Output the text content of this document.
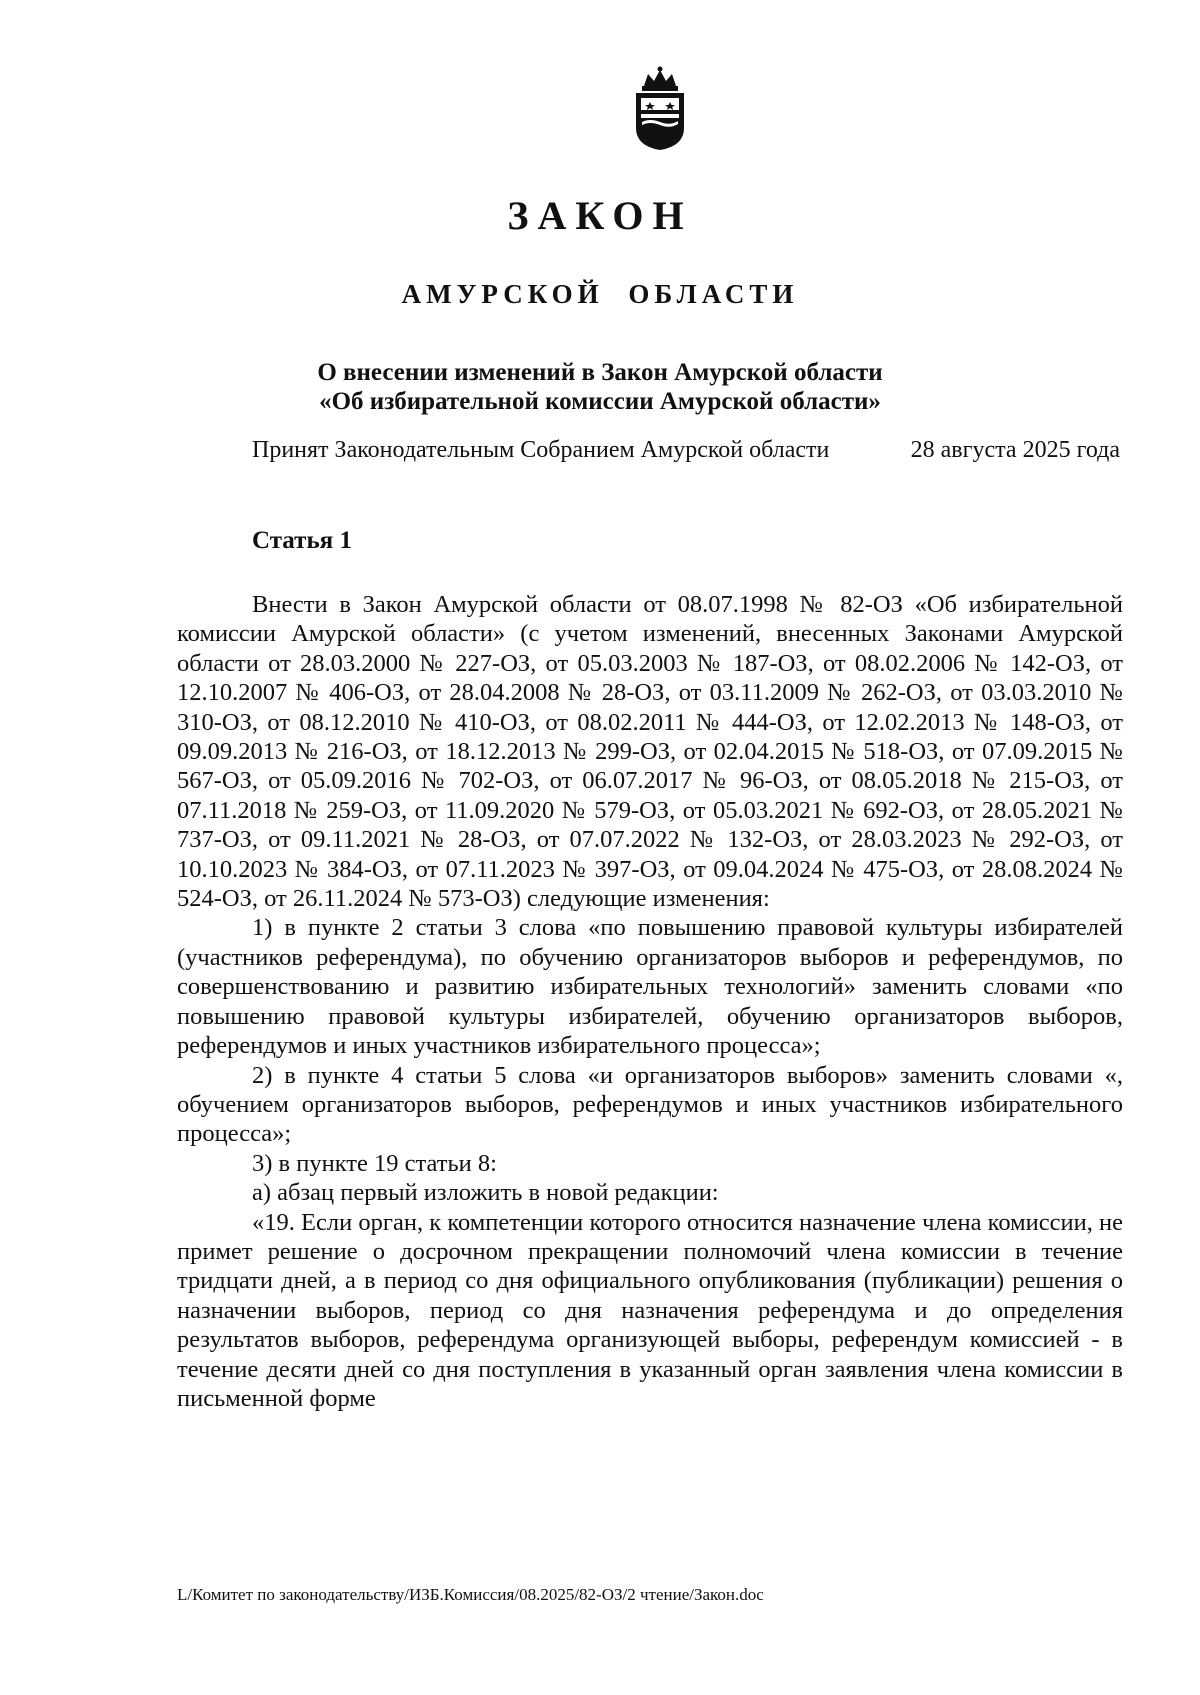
ЗАКОН
АМУРСКОЙ ОБЛАСТИ
О внесении изменений в Закон Амурской области
«Об избирательной комиссии Амурской области»
Принят Законодательным Собранием Амурской области	28 августа 2025 года
Статья 1

Внести в Закон Амурской области от 08.07.1998 № 82-ОЗ «Об избирательной комиссии Амурской области» (с учетом изменений, внесенных Законами Амурской области от 28.03.2000 № 227-ОЗ, от 05.03.2003 № 187-ОЗ, от 08.02.2006 № 142-ОЗ, от 12.10.2007 № 406-ОЗ, от 28.04.2008 № 28-ОЗ, от 03.11.2009 № 262-ОЗ, от 03.03.2010 № 310-ОЗ, от 08.12.2010 № 410-ОЗ, от 08.02.2011 № 444-ОЗ, от 12.02.2013 № 148-ОЗ, от 09.09.2013 № 216-ОЗ, от 18.12.2013 № 299-ОЗ, от 02.04.2015 № 518-ОЗ, от 07.09.2015 № 567-ОЗ, от 05.09.2016 № 702-ОЗ, от 06.07.2017 № 96-ОЗ, от 08.05.2018 № 215-ОЗ, от 07.11.2018 № 259-ОЗ, от 11.09.2020 № 579-ОЗ, от 05.03.2021 № 692-ОЗ, от 28.05.2021 № 737-ОЗ, от 09.11.2021 № 28-ОЗ, от 07.07.2022 № 132-ОЗ, от 28.03.2023 № 292-ОЗ, от 10.10.2023 № 384-ОЗ, от 07.11.2023 № 397-ОЗ, от 09.04.2024 № 475-ОЗ, от 28.08.2024 № 524-ОЗ, от 26.11.2024 № 573-ОЗ) следующие изменения:

1) в пункте 2 статьи 3 слова «по повышению правовой культуры избирателей (участников референдума), по обучению организаторов выборов и референдумов, по совершенствованию и развитию избирательных технологий» заменить словами «по повышению правовой культуры избирателей, обучению организаторов выборов, референдумов и иных участников избирательного процесса»;

2) в пункте 4 статьи 5 слова «и организаторов выборов» заменить словами «, обучением организаторов выборов, референдумов и иных участников избирательного процесса»;

3) в пункте 19 статьи 8:

а) абзац первый изложить в новой редакции:

«19. Если орган, к компетенции которого относится назначение члена комиссии, не примет решение о досрочном прекращении полномочий члена комиссии в течение тридцати дней, а в период со дня официального опубликования (публикации) решения о назначении выборов, период со дня назначения референдума и до определения результатов выборов, референдума организующей выборы, референдум комиссией - в течение десяти дней со дня поступления в указанный орган заявления члена комиссии в письменной форме

L/Комитет по законодательству/ИЗБ.Комиссия/08.2025/82-ОЗ/2 чтение/Закон.doc
